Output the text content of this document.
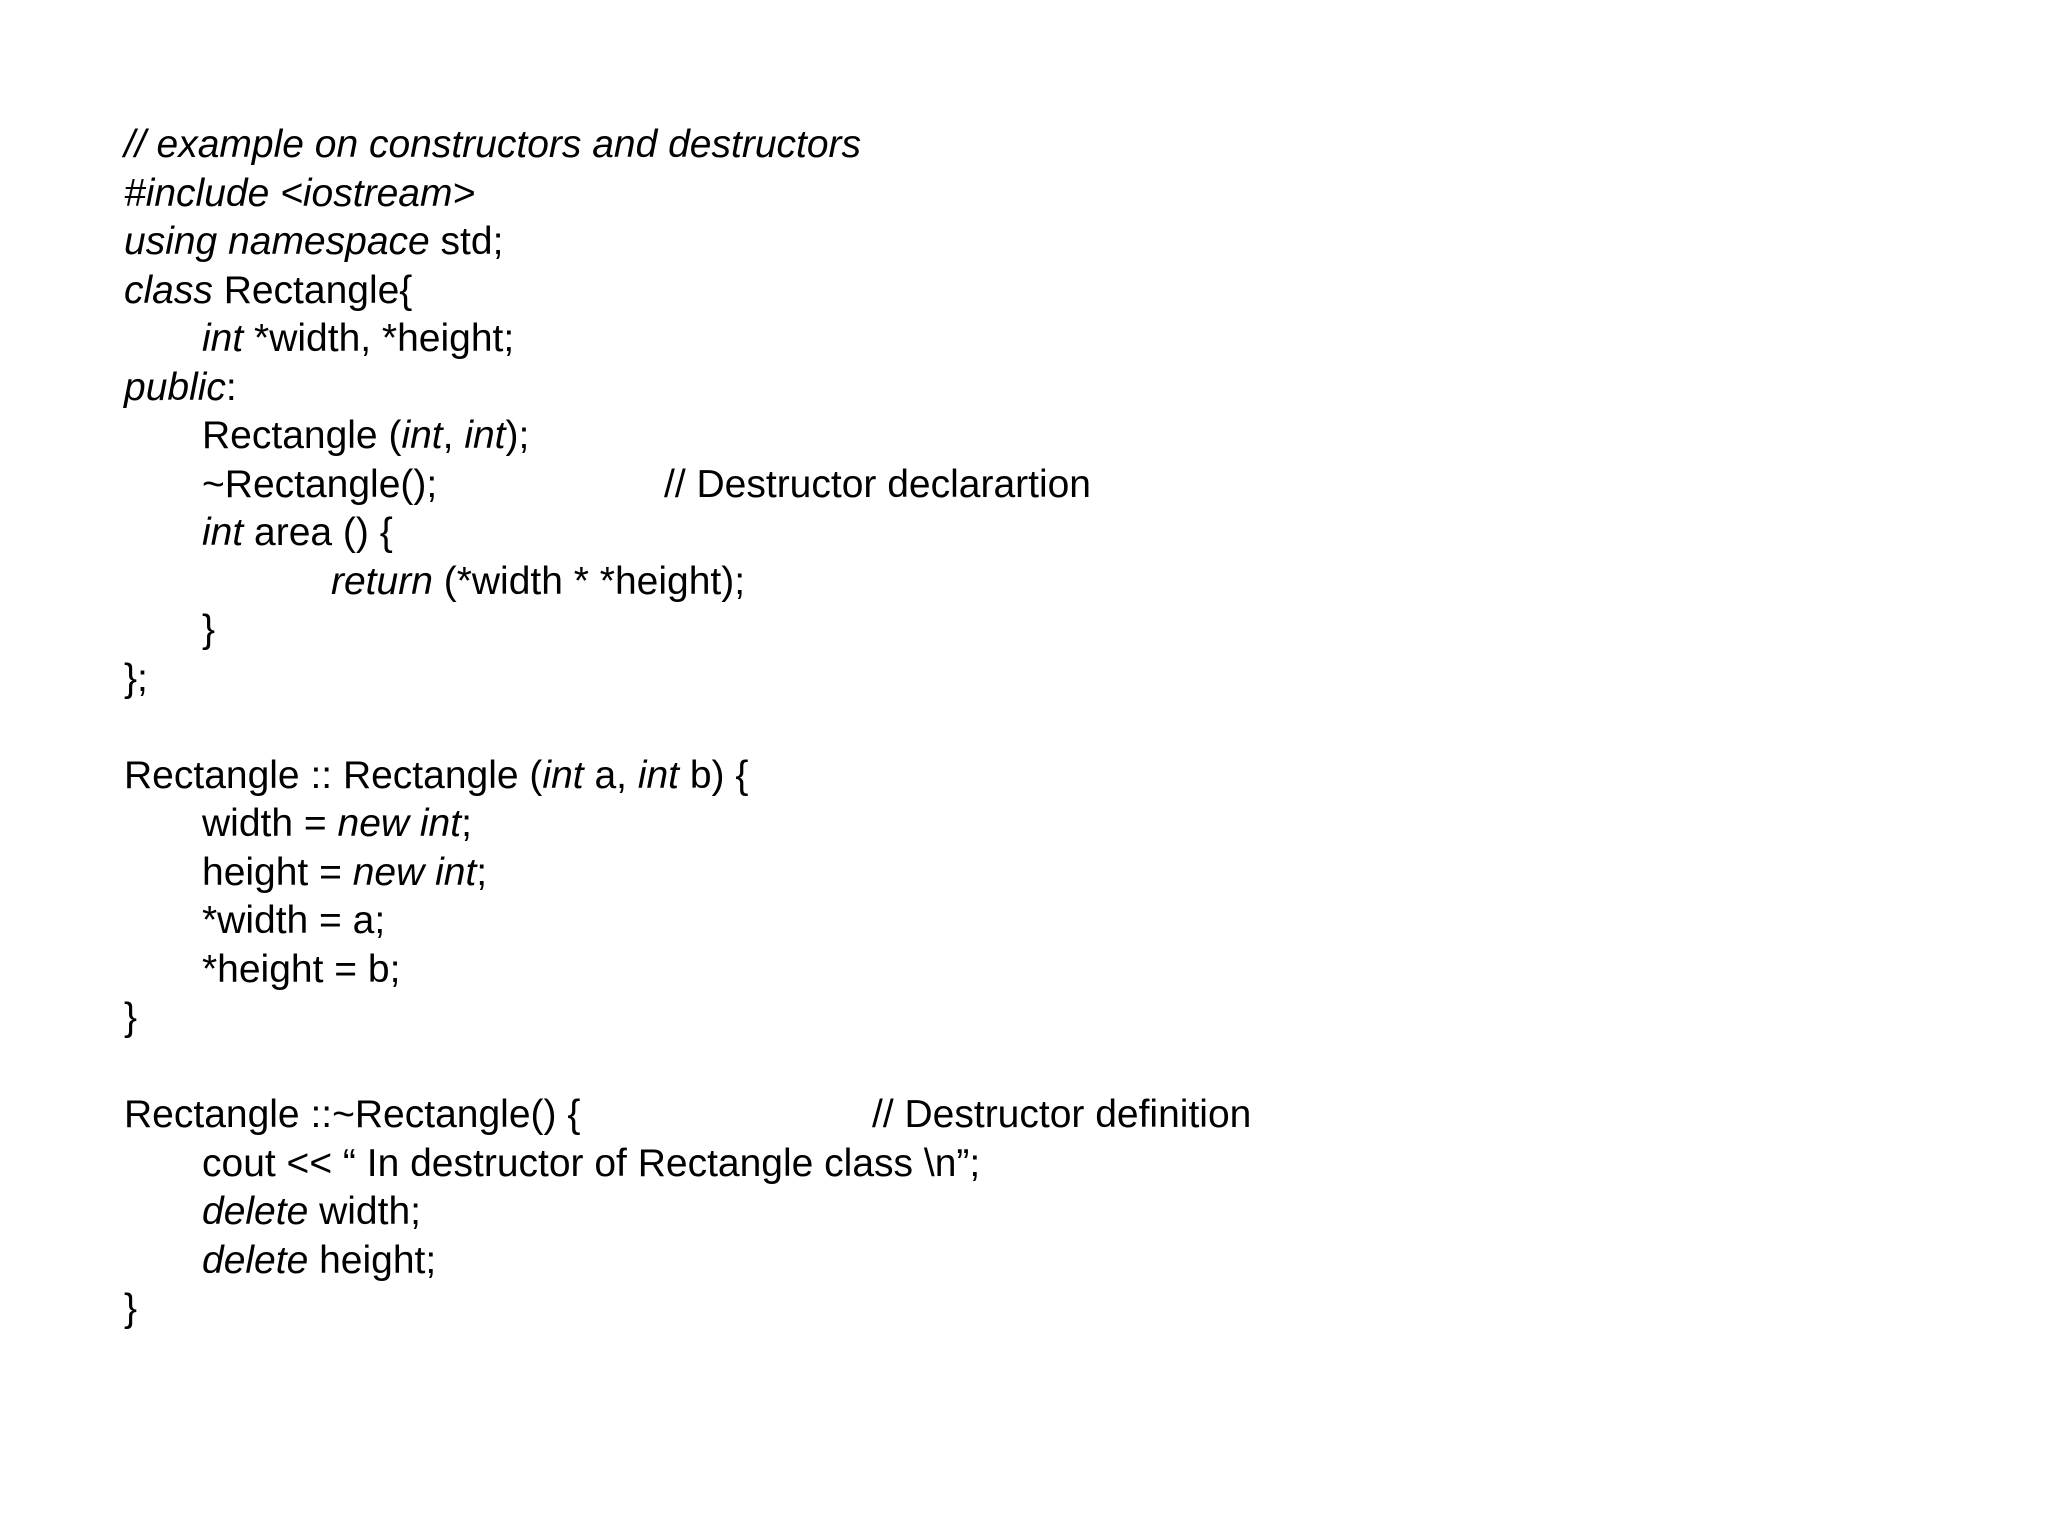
// example on constructors and destructors
#include <iostream>
using namespace std;
class Rectangle{
int *width, *height;
public:
Rectangle (int, int);
~Rectangle();	// Destructor declarartion
int area () {
return (*width * *height);
}
};
Rectangle :: Rectangle (int a, int b) {
width = new int;
height = new int;
*width = a;
*height = b;
}
Rectangle ::~Rectangle() {	// Destructor definition
cout << “ In destructor of Rectangle class \n”;
delete width;
delete height;
}
